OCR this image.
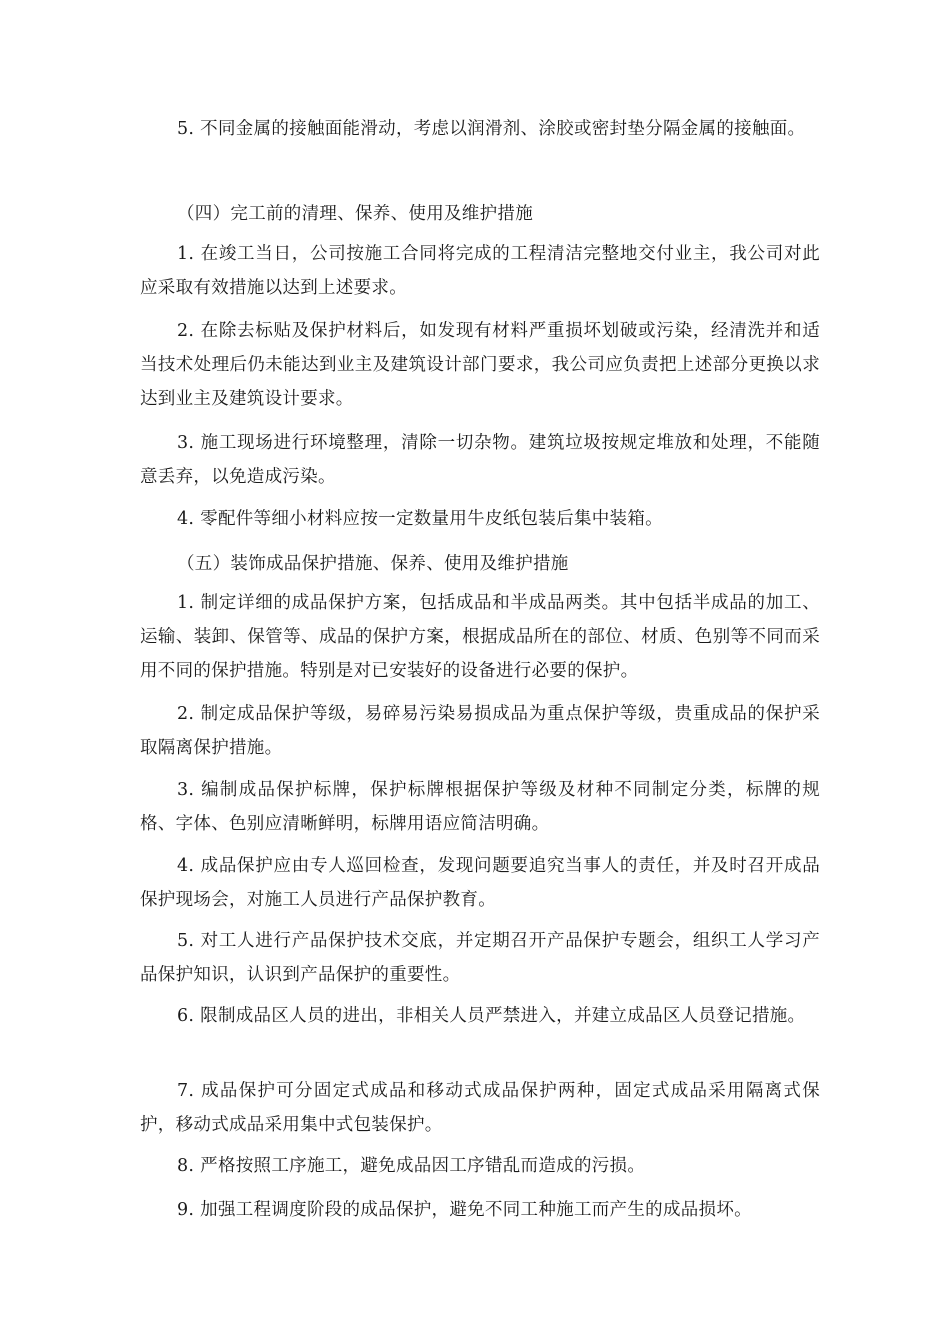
5. 不同金属的接触面能滑动，考虑以润滑剂、涂胶或密封垫分隔金属的接触面。

（四）完工前的清理、保养、使用及维护措施

1. 在竣工当日，公司按施工合同将完成的工程清洁完整地交付业主，我公司对此应采取有效措施以达到上述要求。

2. 在除去标贴及保护材料后，如发现有材料严重损坏划破或污染，经清洗并和适当技术处理后仍未能达到业主及建筑设计部门要求，我公司应负责把上述部分更换以求达到业主及建筑设计要求。

3. 施工现场进行环境整理，清除一切杂物。建筑垃圾按规定堆放和处理，不能随意丢弃，以免造成污染。

4. 零配件等细小材料应按一定数量用牛皮纸包装后集中装箱。

（五）装饰成品保护措施、保养、使用及维护措施

1. 制定详细的成品保护方案，包括成品和半成品两类。其中包括半成品的加工、运输、装卸、保管等、成品的保护方案，根据成品所在的部位、材质、色别等不同而采用不同的保护措施。特别是对已安装好的设备进行必要的保护。

2. 制定成品保护等级，易碎易污染易损成品为重点保护等级，贵重成品的保护采取隔离保护措施。

3. 编制成品保护标牌，保护标牌根据保护等级及材种不同制定分类，标牌的规格、字体、色别应清晰鲜明，标牌用语应简洁明确。

4. 成品保护应由专人巡回检查，发现问题要追究当事人的责任，并及时召开成品保护现场会，对施工人员进行产品保护教育。

5. 对工人进行产品保护技术交底，并定期召开产品保护专题会，组织工人学习产品保护知识，认识到产品保护的重要性。

6. 限制成品区人员的进出，非相关人员严禁进入，并建立成品区人员登记措施。

7. 成品保护可分固定式成品和移动式成品保护两种，固定式成品采用隔离式保护，移动式成品采用集中式包装保护。

8. 严格按照工序施工，避免成品因工序错乱而造成的污损。

9. 加强工程调度阶段的成品保护，避免不同工种施工而产生的成品损坏。
